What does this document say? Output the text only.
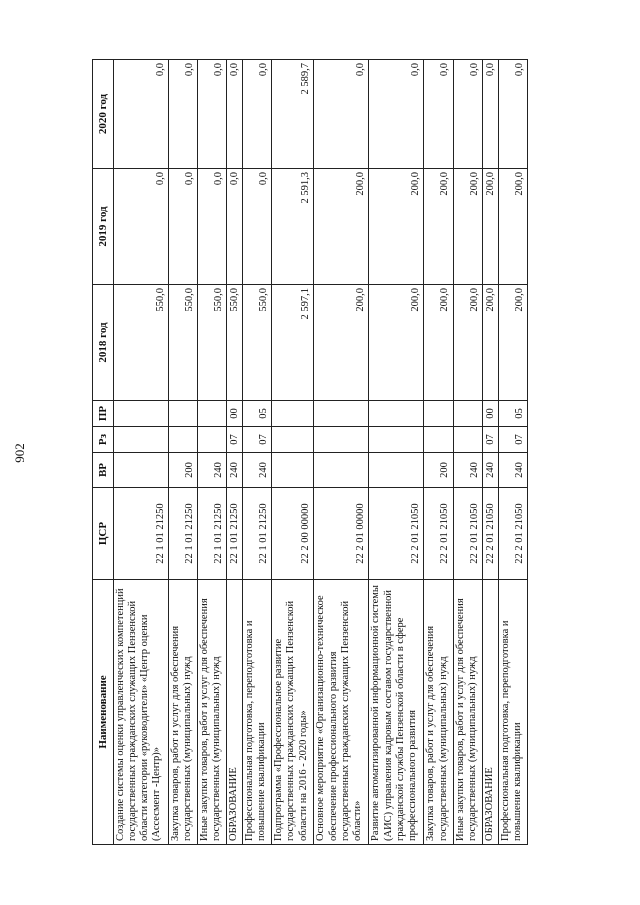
902
Наименование	ЦСР	ВР	Рз	ПР	2018 год	2019 год	2020 год
Создание системы оценки управленческих компетенций государственных гражданских служащих Пензенской области категории «руководители» «Центр оценки (Ассесмент -Центр)»	22 1 01 21250				550,0	0,0	0,0
Закупка товаров, работ и услуг для обеспечения государственных (муниципальных) нужд	22 1 01 21250	200			550,0	0,0	0,0
Иные закупки товаров, работ и услуг для обеспечения государственных (муниципальных) нужд	22 1 01 21250	240			550,0	0,0	0,0
ОБРАЗОВАНИЕ	22 1 01 21250	240	07	00	550,0	0,0	0,0
Профессиональная подготовка, переподготовка и повышение квалификации	22 1 01 21250	240	07	05	550,0	0,0	0,0
Подпрограмма «Профессиональное развитие государственных гражданских служащих Пензенской области на 2016 - 2020 годы»	22 2 00 00000				2 597,1	2 591,3	2 589,7
Основное мероприятие «Организационно-техническое обеспечение профессионального развития государственных гражданских служащих Пензенской области»	22 2 01 00000				200,0	200,0	0,0
Развитие автоматизированной информационной системы (АИС) управления кадровым составом государственной гражданской службы Пензенской области в сфере профессионального развития	22 2 01 21050				200,0	200,0	0,0
Закупка товаров, работ и услуг для обеспечения государственных (муниципальных) нужд	22 2 01 21050	200			200,0	200,0	0,0
Иные закупки товаров, работ и услуг для обеспечения государственных (муниципальных) нужд	22 2 01 21050	240			200,0	200,0	0,0
ОБРАЗОВАНИЕ	22 2 01 21050	240	07	00	200,0	200,0	0,0
Профессиональная подготовка, переподготовка и повышение квалификации	22 2 01 21050	240	07	05	200,0	200,0	0,0
